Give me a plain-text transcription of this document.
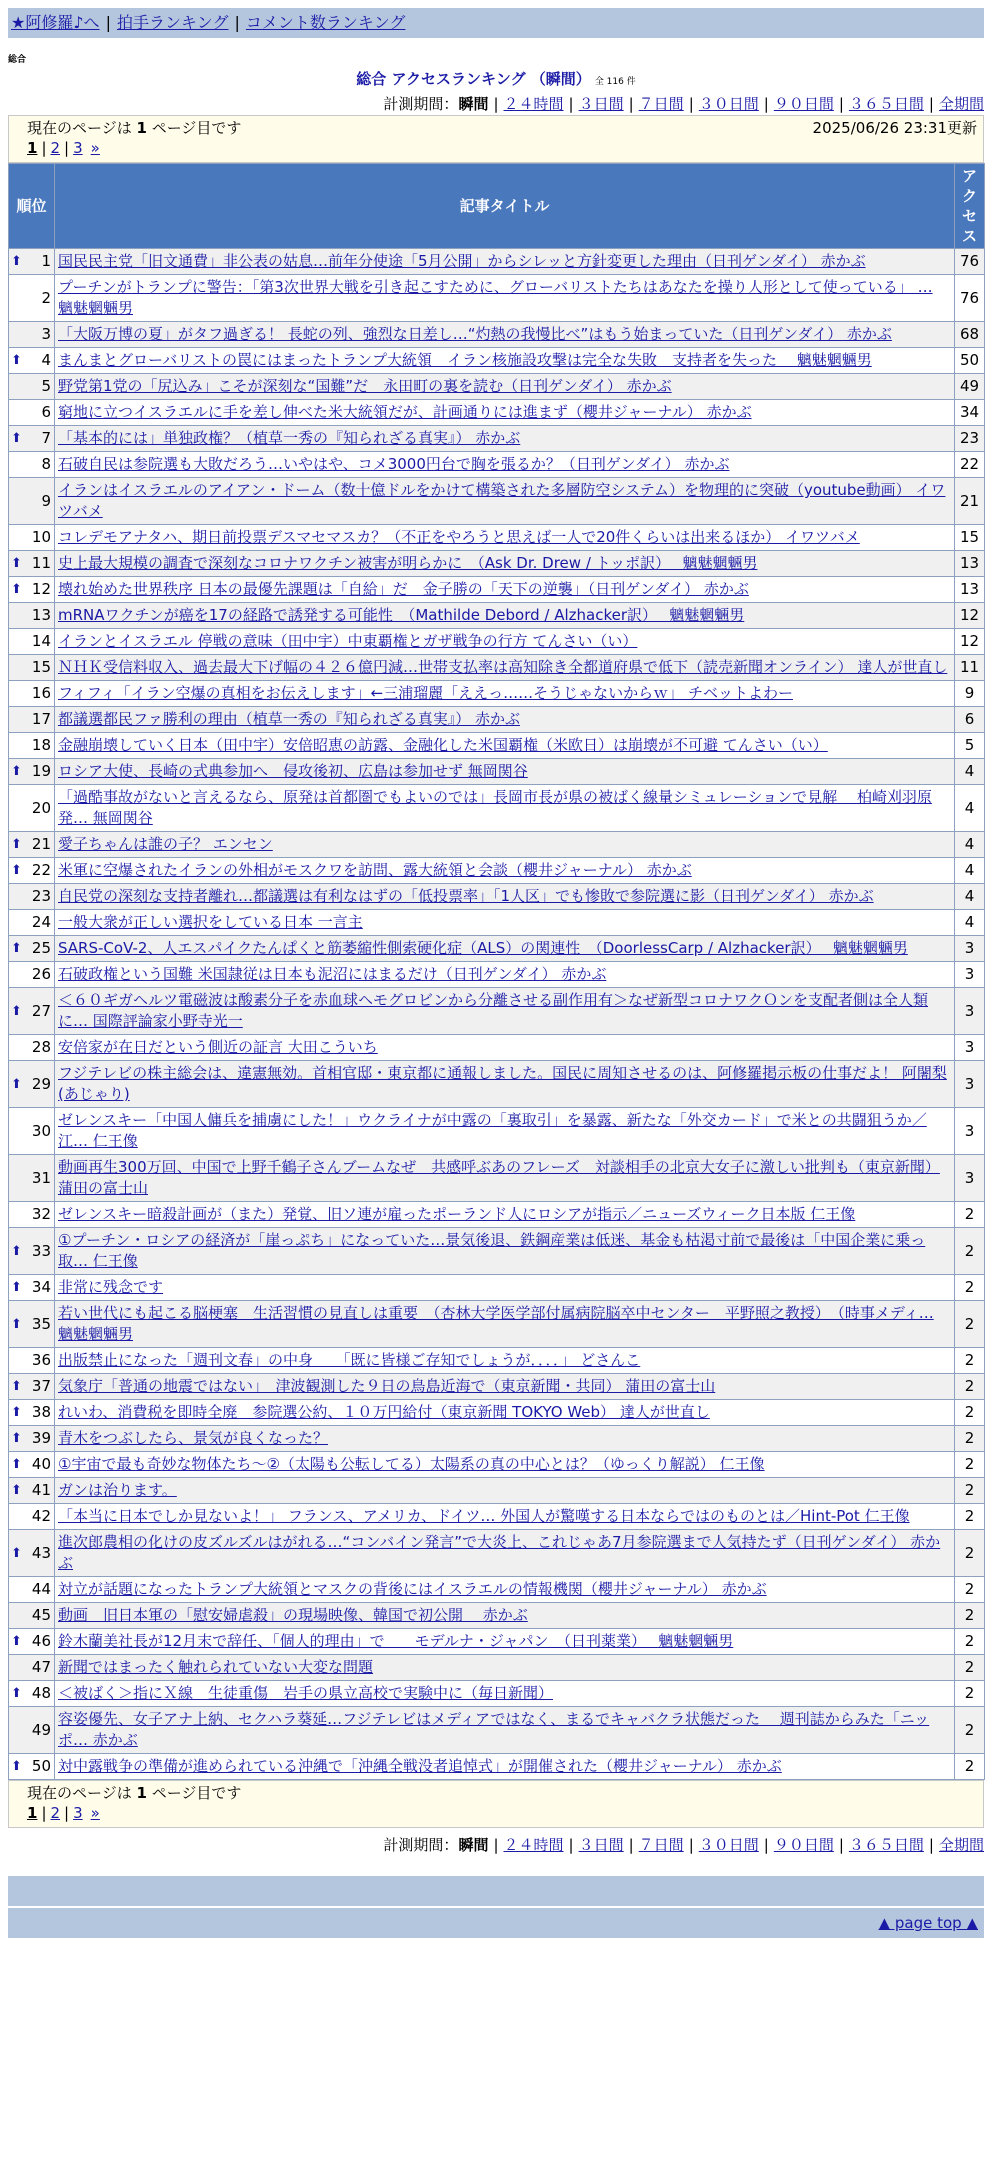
★阿修羅♪へ | 拍手ランキング | コメント数ランキング
総合
総合 アクセスランキング （瞬間） 全 116 件
計測期間：瞬間 | ２４時間 | ３日間 | ７日間 | ３０日間 | ９０日間 | ３６５日間 | 全期間
現在のページは 1 ページ目です	2025/06/26 23:31更新
1 | 2 | 3 »
順位	記事タイトル	アクセス

⬆ 1	国民民主党「旧文通費」非公表の姑息…前年分使途「5月公開」からシレッと方針変更した理由（日刊ゲンダイ） 赤かぶ	76
2	プーチンがトランプに警告：「第3次世界大戦を引き起こすために、グローバリストたちはあなたを操り人形として使っている」 … 魑魅魍魎男	76
3	「大阪万博の夏」がタフ過ぎる！ 長蛇の列、強烈な日差し…“灼熱の我慢比べ”はもう始まっていた（日刊ゲンダイ） 赤かぶ	68

⬆ 4	まんまとグローバリストの罠にはまったトランプ大統領　イラン核施設攻撃は完全な失敗　支持者を失った　 魑魅魍魎男	50
5	野党第1党の「尻込み」こそが深刻な“国難”だ　永田町の裏を読む（日刊ゲンダイ） 赤かぶ	49
6	窮地に立つイスラエルに手を差し伸べた米大統領だが、計画通りには進まず（櫻井ジャーナル） 赤かぶ	34

⬆ 7	「基本的には」単独政権？（植草一秀の『知られざる真実』） 赤かぶ	23
8	石破自民は参院選も大敗だろう…いやはや、コメ3000円台で胸を張るか？（日刊ゲンダイ） 赤かぶ	22
9	イランはイスラエルのアイアン・ドーム（数十億ドルをかけて構築された多層防空システム）を物理的に突破（youtube動画） イワツバメ	21
10	コレデモアナタハ、期日前投票デスマセマスカ？（不正をやろうと思えば一人で20件くらいは出来るほか） イワツバメ	15

⬆ 11	史上最大規模の調査で深刻なコロナワクチン被害が明らかに　（Ask Dr. Drew / トッポ訳）　 魑魅魍魎男	13

⬆ 12	壊れ始めた世界秩序 日本の最優先課題は「自給」だ　金子勝の「天下の逆襲」（日刊ゲンダイ） 赤かぶ	13
13	mRNAワクチンが癌を17の経路で誘発する可能性　（Mathilde Debord / Alzhacker訳）　 魑魅魍魎男	12
14	イランとイスラエル 停戦の意味（田中宇）中東覇権とガザ戦争の行方 てんさい（い）	12
15	ＮＨＫ受信料収入、過去最大下げ幅の４２６億円減…世帯支払率は高知除き全都道府県で低下（読売新聞オンライン） 達人が世直し	11
16	フィフィ「イラン空爆の真相をお伝えします」←三浦瑠麗「ええっ……そうじゃないからｗ」 チベットよわー	9
17	都議選都民ファ勝利の理由（植草一秀の『知られざる真実』） 赤かぶ	6
18	金融崩壊していく日本（田中宇）安倍昭恵の訪露、金融化した米国覇権（米欧日）は崩壊が不可避 てんさい（い）	5

⬆ 19	ロシア大使、長崎の式典参加へ　侵攻後初、広島は参加せず 無岡関谷	4
20	「過酷事故がないと言えるなら、原発は首都圏でもよいのでは」長岡市長が県の被ばく線量シミュレーションで見解　 柏崎刈羽原発… 無岡関谷	4

⬆ 21	愛子ちゃんは誰の子？ エンセン	4

⬆ 22	米軍に空爆されたイランの外相がモスクワを訪問、露大統領と会談（櫻井ジャーナル） 赤かぶ	4
23	自民党の深刻な支持者離れ…都議選は有利なはずの「低投票率」「1人区」でも惨敗で参院選に影（日刊ゲンダイ） 赤かぶ	4
24	一般大衆が正しい選択をしている日本 一言主	4

⬆ 25	SARS-CoV-2、人エスパイクたんぱくと筋萎縮性側索硬化症（ALS）の関連性　（DoorlessCarp / Alzhacker訳）　 魑魅魍魎男	3
26	石破政権という国難 米国隷従は日本も泥沼にはまるだけ（日刊ゲンダイ） 赤かぶ	3

⬆ 27	＜６０ギガヘルツ電磁波は酸素分子を赤血球ヘモグロビンから分離させる副作用有＞なぜ新型コロナワクＯンを支配者側は全人類に… 国際評論家小野寺光一	3
28	安倍家が在日だという側近の証言 大田こういち	3

⬆ 29	フジテレビの株主総会は、違憲無効。首相官邸・東京都に通報しました。国民に周知させるのは、阿修羅掲示板の仕事だよ！ 阿闍梨(あじゃり)	3
30	ゼレンスキー「中国人傭兵を捕虜にした！」ウクライナが中露の「裏取引」を暴露、新たな「外交カード」で米との共闘狙うか／江… 仁王像	3
31	動画再生300万回、中国で上野千鶴子さんブームなぜ　共感呼ぶあのフレーズ　対談相手の北京大女子に激しい批判も（東京新聞） 蒲田の富士山	3
32	ゼレンスキー暗殺計画が（また）発覚、旧ソ連が雇ったポーランド人にロシアが指示／ニューズウィーク日本版 仁王像	2

⬆ 33	①プーチン・ロシアの経済が「崖っぷち」になっていた…景気後退、鉄鋼産業は低迷、基金も枯渇寸前で最後は「中国企業に乗っ取… 仁王像	2

⬆ 34	非常に残念です	2

⬆ 35	若い世代にも起こる脳梗塞　生活習慣の見直しは重要　（杏林大学医学部付属病院脳卒中センター　平野照之教授）　（時事メディ… 魑魅魍魎男	2
36	出版禁止になった「週刊文春」の中身　　「既に皆様ご存知でしょうが．．．．」 どさんこ	2

⬆ 37	気象庁「普通の地震ではない」　津波観測した９日の鳥島近海で（東京新聞・共同） 蒲田の富士山	2

⬆ 38	れいわ、消費税を即時全廃　参院選公約、１０万円給付（東京新聞 TOKYO Web） 達人が世直し	2

⬆ 39	青木をつぶしたら、景気が良くなった？	2

⬆ 40	①宇宙で最も奇妙な物体たち～②（太陽も公転してる）太陽系の真の中心とは？（ゆっくり解説） 仁王像	2

⬆ 41	ガンは治ります。	2
42	「本当に日本でしか見ないよ！」 フランス、アメリカ、ドイツ… 外国人が驚嘆する日本ならではのものとは／Hint-Pot 仁王像	2

⬆ 43	進次郎農相の化けの皮ズルズルはがれる…“コンバイン発言”で大炎上、これじゃあ7月参院選まで人気持たず（日刊ゲンダイ） 赤かぶ	2
44	対立が話題になったトランプ大統領とマスクの背後にはイスラエルの情報機関（櫻井ジャーナル） 赤かぶ	2
45	動画　旧日本軍の「慰安婦虐殺」の現場映像、韓国で初公開　 赤かぶ	2

⬆ 46	鈴木蘭美社長が12月末で辞任、「個人的理由」で　　モデルナ・ジャパン　（日刊薬業）　 魑魅魍魎男	2
47	新聞ではまったく触れられていない大変な問題	2

⬆ 48	＜被ばく＞指にＸ線　生徒重傷　岩手の県立高校で実験中に（毎日新聞）	2
49	容姿優先、女子アナ上納、セクハラ葵延…フジテレビはメディアではなく、まるでキャバクラ状態だった　 週刊誌からみた「ニッポ… 赤かぶ	2

⬆ 50	対中露戦争の準備が進められている沖縄で「沖縄全戦没者追悼式」が開催された（櫻井ジャーナル） 赤かぶ	2
現在のページは 1 ページ目です
1 | 2 | 3 »
計測期間：瞬間 | ２４時間 | ３日間 | ７日間 | ３０日間 | ９０日間 | ３６５日間 | 全期間
▲ page top ▲
